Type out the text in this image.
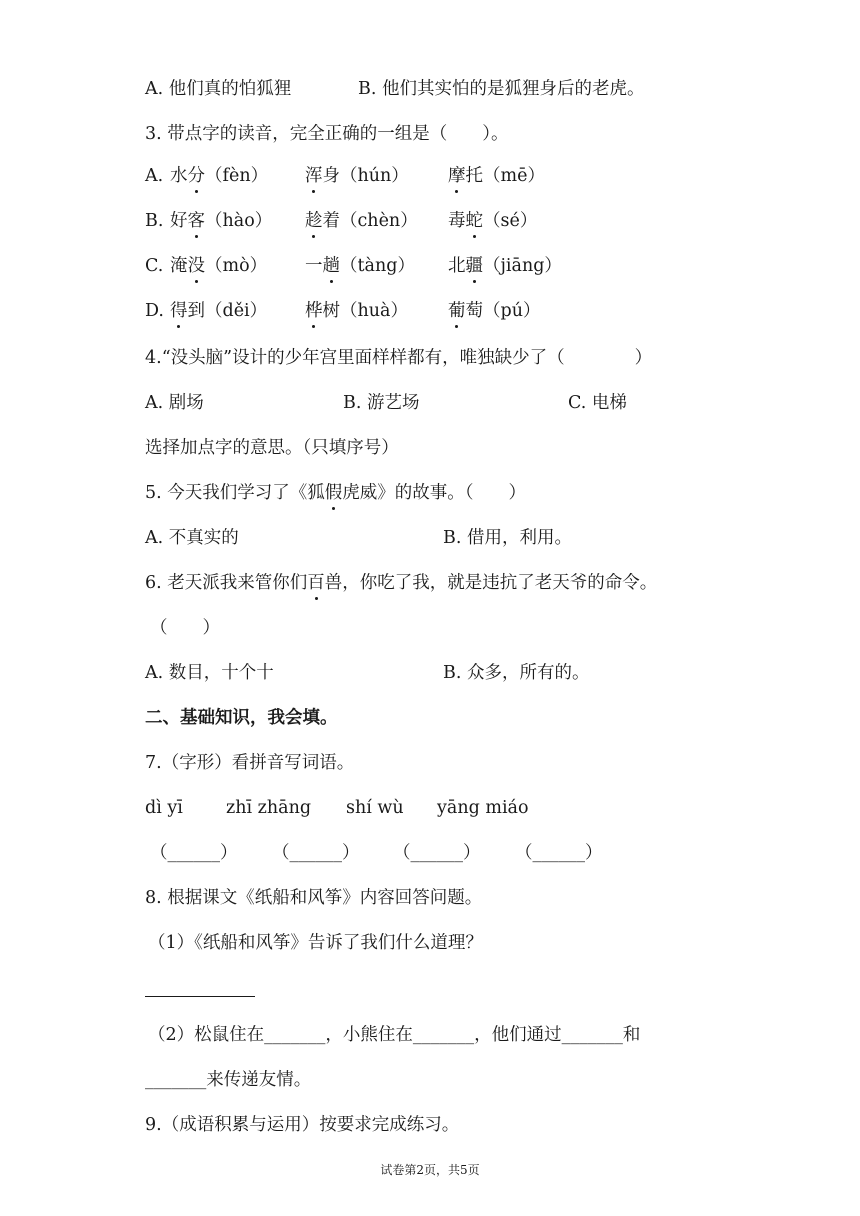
A. 他们真的怕狐狸	B. 他们其实怕的是狐狸身后的老虎。
3. 带点字的读音，完全正确的一组是（　　）。
A. 水分（fèn） 浑身（hún） 摩托（mē）
B. 好客（hào） 趁着（chèn） 毒蛇（sé）
C. 淹没（mò） 一趟（tàng） 北疆（jiāng）
D. 得到（děi） 桦树（huà） 葡萄（pú）
4.“没头脑”设计的少年宫里面样样都有，唯独缺少了（　　　　）
A. 剧场	B. 游艺场	C. 电梯
选择加点字的意思。（只填序号）
5. 今天我们学习了《狐假虎威》的故事。（　　）
A. 不真实的	B. 借用，利用。
6. 老天派我来管你们百兽，你吃了我，就是违抗了老天爷的命令。
（　　）
A. 数目，十个十	B. 众多，所有的。
二、基础知识，我会填。
7.（字形）看拼音写词语。
dì yī zhī zhāng shí wù yāng miáo
（______） （______） （______） （______）
8. 根据课文《纸船和风筝》内容回答问题。
（1）《纸船和风筝》告诉了我们什么道理？
（2）松鼠住在_______，小熊住在_______，他们通过_______和
_______来传递友情。
9.（成语积累与运用）按要求完成练习。
试卷第2页，共5页
